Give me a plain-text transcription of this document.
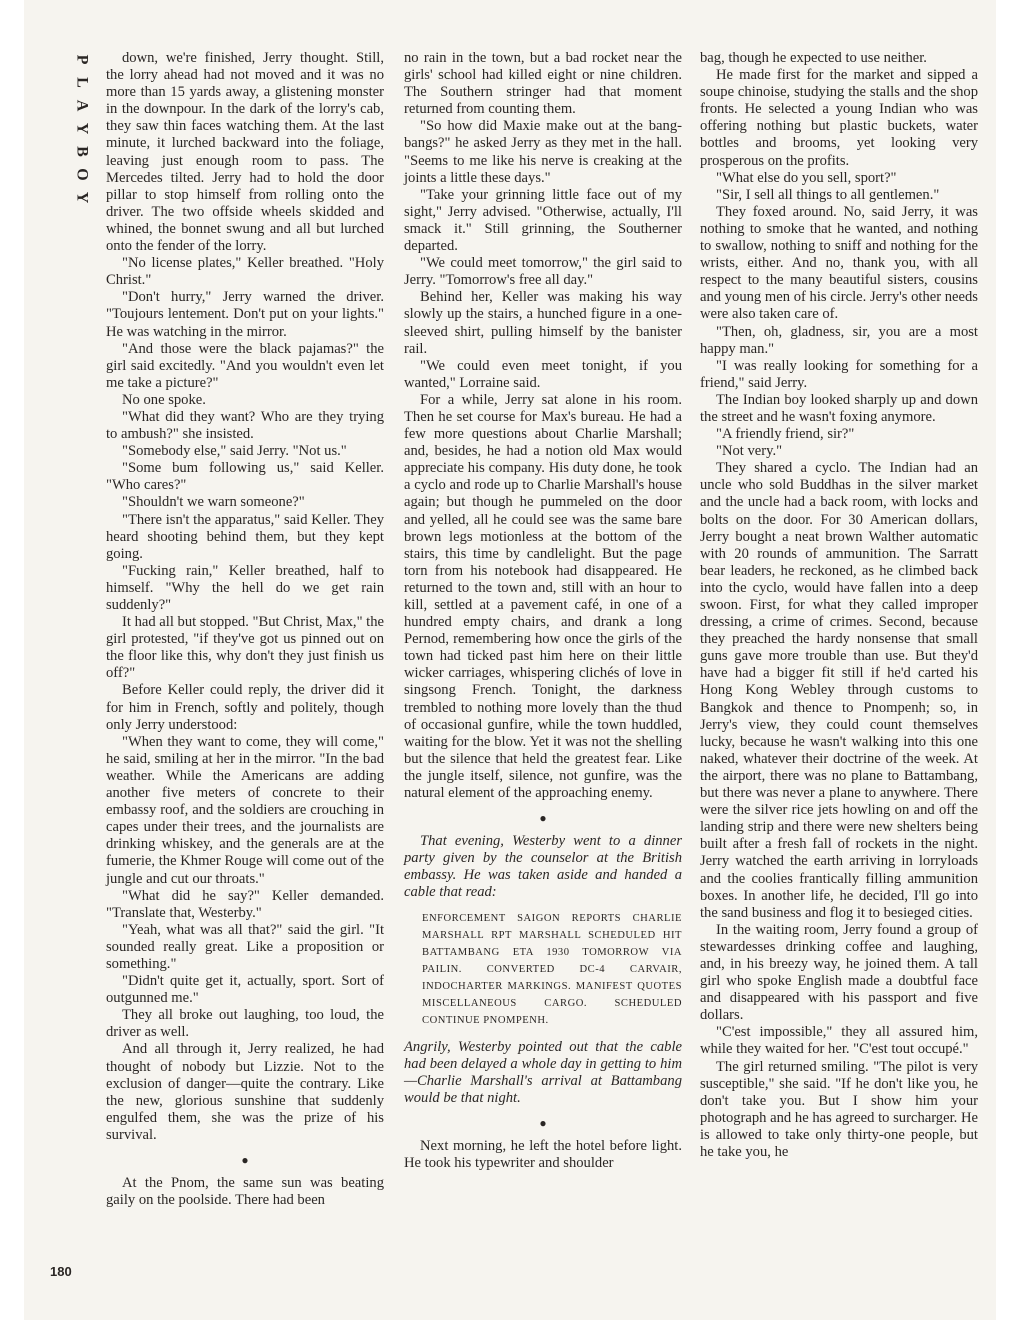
P
L
A
Y
B
O
Y

down, we're finished, Jerry thought. Still, the lorry ahead had not moved and it was no more than 15 yards away, a glistening monster in the downpour. In the dark of the lorry's cab, they saw thin faces watching them. At the last minute, it lurched backward into the foliage, leaving just enough room to pass. The Mercedes tilted. Jerry had to hold the door pillar to stop himself from rolling onto the driver. The two offside wheels skidded and whined, the bonnet swung and all but lurched onto the fender of the lorry.

"No license plates," Keller breathed. "Holy Christ."

"Don't hurry," Jerry warned the driver. "Toujours lentement. Don't put on your lights." He was watching in the mirror.

"And those were the black pajamas?" the girl said excitedly. "And you wouldn't even let me take a picture?"

No one spoke.

"What did they want? Who are they trying to ambush?" she insisted.

"Somebody else," said Jerry. "Not us."

"Some bum following us," said Keller. "Who cares?"

"Shouldn't we warn someone?"

"There isn't the apparatus," said Keller. They heard shooting behind them, but they kept going.

"Fucking rain," Keller breathed, half to himself. "Why the hell do we get rain suddenly?"

It had all but stopped. "But Christ, Max," the girl protested, "if they've got us pinned out on the floor like this, why don't they just finish us off?"

Before Keller could reply, the driver did it for him in French, softly and politely, though only Jerry understood:

"When they want to come, they will come," he said, smiling at her in the mirror. "In the bad weather. While the Americans are adding another five meters of concrete to their embassy roof, and the soldiers are crouching in capes under their trees, and the journalists are drinking whiskey, and the generals are at the fumerie, the Khmer Rouge will come out of the jungle and cut our throats."

"What did he say?" Keller demanded. "Translate that, Westerby."

"Yeah, what was all that?" said the girl. "It sounded really great. Like a proposition or something."

"Didn't quite get it, actually, sport. Sort of outgunned me."

They all broke out laughing, too loud, the driver as well.

And all through it, Jerry realized, he had thought of nobody but Lizzie. Not to the exclusion of danger—quite the contrary. Like the new, glorious sunshine that suddenly engulfed them, she was the prize of his survival.

●

At the Pnom, the same sun was beating gaily on the poolside. There had been

no rain in the town, but a bad rocket near the girls' school had killed eight or nine children. The Southern stringer had that moment returned from counting them.

"So how did Maxie make out at the bang-bangs?" he asked Jerry as they met in the hall. "Seems to me like his nerve is creaking at the joints a little these days."

"Take your grinning little face out of my sight," Jerry advised. "Otherwise, actually, I'll smack it." Still grinning, the Southerner departed.

"We could meet tomorrow," the girl said to Jerry. "Tomorrow's free all day."

Behind her, Keller was making his way slowly up the stairs, a hunched figure in a one-sleeved shirt, pulling himself by the banister rail.

"We could even meet tonight, if you wanted," Lorraine said.

For a while, Jerry sat alone in his room. Then he set course for Max's bureau. He had a few more questions about Charlie Marshall; and, besides, he had a notion old Max would appreciate his company. His duty done, he took a cyclo and rode up to Charlie Marshall's house again; but though he pummeled on the door and yelled, all he could see was the same bare brown legs motionless at the bottom of the stairs, this time by candlelight. But the page torn from his notebook had disappeared. He returned to the town and, still with an hour to kill, settled at a pavement café, in one of a hundred empty chairs, and drank a long Pernod, remembering how once the girls of the town had ticked past him here on their little wicker carriages, whispering clichés of love in singsong French. Tonight, the darkness trembled to nothing more lovely than the thud of occasional gunfire, while the town huddled, waiting for the blow. Yet it was not the shelling but the silence that held the greatest fear. Like the jungle itself, silence, not gunfire, was the natural element of the approaching enemy.

●

That evening, Westerby went to a dinner party given by the counselor at the British embassy. He was taken aside and handed a cable that read:

ENFORCEMENT SAIGON REPORTS CHARLIE MARSHALL RPT MARSHALL SCHEDULED HIT BATTAMBANG ETA 1930 TOMORROW VIA PAILIN. CONVERTED DC-4 CARVAIR, INDOCHARTER MARKINGS. MANIFEST QUOTES MISCELLANEOUS CARGO. SCHEDULED CONTINUE PNOMPENH.

Angrily, Westerby pointed out that the cable had been delayed a whole day in getting to him—Charlie Marshall's arrival at Battambang would be that night.

●

Next morning, he left the hotel before light. He took his typewriter and shoulder

bag, though he expected to use neither.

He made first for the market and sipped a soupe chinoise, studying the stalls and the shop fronts. He selected a young Indian who was offering nothing but plastic buckets, water bottles and brooms, yet looking very prosperous on the profits.

"What else do you sell, sport?"

"Sir, I sell all things to all gentlemen."

They foxed around. No, said Jerry, it was nothing to smoke that he wanted, and nothing to swallow, nothing to sniff and nothing for the wrists, either. And no, thank you, with all respect to the many beautiful sisters, cousins and young men of his circle. Jerry's other needs were also taken care of.

"Then, oh, gladness, sir, you are a most happy man."

"I was really looking for something for a friend," said Jerry.

The Indian boy looked sharply up and down the street and he wasn't foxing anymore.

"A friendly friend, sir?"

"Not very."

They shared a cyclo. The Indian had an uncle who sold Buddhas in the silver market and the uncle had a back room, with locks and bolts on the door. For 30 American dollars, Jerry bought a neat brown Walther automatic with 20 rounds of ammunition. The Sarratt bear leaders, he reckoned, as he climbed back into the cyclo, would have fallen into a deep swoon. First, for what they called improper dressing, a crime of crimes. Second, because they preached the hardy nonsense that small guns gave more trouble than use. But they'd have had a bigger fit still if he'd carted his Hong Kong Webley through customs to Bangkok and thence to Pnompenh; so, in Jerry's view, they could count themselves lucky, because he wasn't walking into this one naked, whatever their doctrine of the week. At the airport, there was no plane to Battambang, but there was never a plane to anywhere. There were the silver rice jets howling on and off the landing strip and there were new shelters being built after a fresh fall of rockets in the night. Jerry watched the earth arriving in lorryloads and the coolies frantically filling ammunition boxes. In another life, he decided, I'll go into the sand business and flog it to besieged cities.

In the waiting room, Jerry found a group of stewardesses drinking coffee and laughing, and, in his breezy way, he joined them. A tall girl who spoke English made a doubtful face and disappeared with his passport and five dollars.

"C'est impossible," they all assured him, while they waited for her. "C'est tout occupé."

The girl returned smiling. "The pilot is very susceptible," she said. "If he don't like you, he don't take you. But I show him your photograph and he has agreed to surcharger. He is allowed to take only thirty-one people, but he take you, he

180
